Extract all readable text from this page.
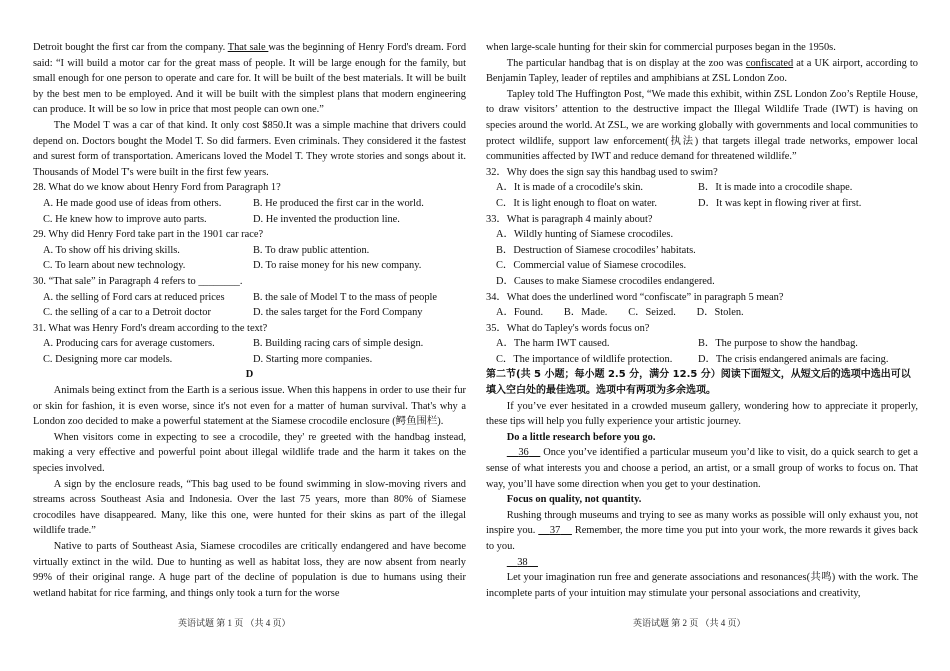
Detroit bought the first car from the company. That sale was the beginning of Henry Ford's dream. Ford said: “I will build a motor car for the great mass of people. It will be large enough for the family, but small enough for one person to operate and care for. It will be built of the best materials. It will be built by the best men to be employed. And it will be built with the simplest plans that modern engineering can produce. It will be so low in price that most people can own one.”

The Model T was a car of that kind. It only cost $850.It was a simple machine that drivers could depend on. Doctors bought the Model T. So did farmers. Even criminals. They considered it the fastest and surest form of transportation. Americans loved the Model T. They wrote stories and songs about it. Thousands of Model T's were built in the first few years.

28. What do we know about Henry Ford from Paragraph 1?

A. He made good use of ideas from others.	B. He produced the first car in the world.
C. He knew how to improve auto parts.	D. He invented the production line.

29. Why did Henry Ford take part in the 1901 car race?

A. To show off his driving skills.	B. To draw public attention.
C. To learn about new technology.	D. To raise money for his new company.

30. “That sale” in Paragraph 4 refers to ________.

A. the selling of Ford cars at reduced prices	B. the sale of Model T to the mass of people
C. the selling of a car to a Detroit doctor	D. the sales target for the Ford Company

31. What was Henry Ford's dream according to the text?

A. Producing cars for average customers.	B. Building racing cars of simple design.
C. Designing more car models.	D. Starting more companies.

D

Animals being extinct from the Earth is a serious issue. When this happens in order to use their fur or skin for fashion, it is even worse, since it's not even for a matter of human survival. That's why a London zoo decided to make a powerful statement at the Siamese crocodile enclosure (鳄鱼围栏).

When visitors come in expecting to see a crocodile, they' re greeted with the handbag instead, making a very effective and powerful point about illegal wildlife trade and the harm it takes on the species involved.

A sign by the enclosure reads, “This bag used to be found swimming in slow-moving rivers and streams across Southeast Asia and Indonesia. Over the last 75 years, more than 80% of Siamese crocodiles have disappeared. Many, like this one, were hunted for their skins as part of the illegal wildlife trade.”

Native to parts of Southeast Asia, Siamese crocodiles are critically endangered and have become virtually extinct in the wild. Due to hunting as well as habitat loss, they are now absent from nearly 99% of their original range. A huge part of the decline of population is due to humans using their wetland habitat for rice farming, and things only took a turn for the worse

when large-scale hunting for their skin for commercial purposes began in the 1950s.

The particular handbag that is on display at the zoo was confiscated at a UK airport, according to Benjamin Tapley, leader of reptiles and amphibians at ZSL London Zoo.

Tapley told The Huffington Post, “We made this exhibit, within ZSL London Zoo’s Reptile House, to draw visitors’ attention to the destructive impact the Illegal Wildlife Trade (IWT) is having on species around the world. At ZSL, we are working globally with governments and local communities to protect wildlife, support law enforcement(执法) that targets illegal trade networks, empower local communities affected by IWT and reduce demand for threatened wildlife.”

32．Why does the sign say this handbag used to swim?

A．It is made of a crocodile's skin.	B．It is made into a crocodile shape.
C．It is light enough to float on water.	D．It was kept in flowing river at first.

33．What is paragraph 4 mainly about?

A．Wildly hunting of Siamese crocodiles.
B．Destruction of Siamese crocodiles’ habitats.
C．Commercial value of Siamese crocodiles.
D．Causes to make Siamese crocodiles endangered.

34．What does the underlined word “confiscate” in paragraph 5 mean?

A．Found.        B．Made.        C．Seized.        D．Stolen.

35．What do Tapley's words focus on?

A．The harm IWT caused.	B．The purpose to show the handbag.
C．The importance of wildlife protection.	D．The crisis endangered animals are facing.

第二节(共 5 小题；每小题 2.5 分，满分 12.5 分）阅读下面短文，从短文后的选项中选出可以填入空白处的最佳选项。选项中有两项为多余选项。

If you’ve ever hesitated in a crowded museum gallery, wondering how to appreciate it properly, these tips will help you fully experience your artistic journey.

Do a little research before you go.

36     Once you’ve identified a particular museum you’d like to visit, do a quick search to get a sense of what interests you and choose a period, an artist, or a small group of works to focus on. That way, you’ll have some direction when you get to your destination.

Focus on quality, not quantity.

Rushing through museums and trying to see as many works as possible will only exhaust you, not inspire you.     37     Remember, the more time you put into your work, the more rewards it gives back to you.

38

Let your imagination run free and generate associations and resonances(共鸣) with the work. The incomplete parts of your intuition may stimulate your personal associations and creativity,

英语试题 第 1 页 （共 4 页）	英语试题 第 2 页 （共 4 页）
